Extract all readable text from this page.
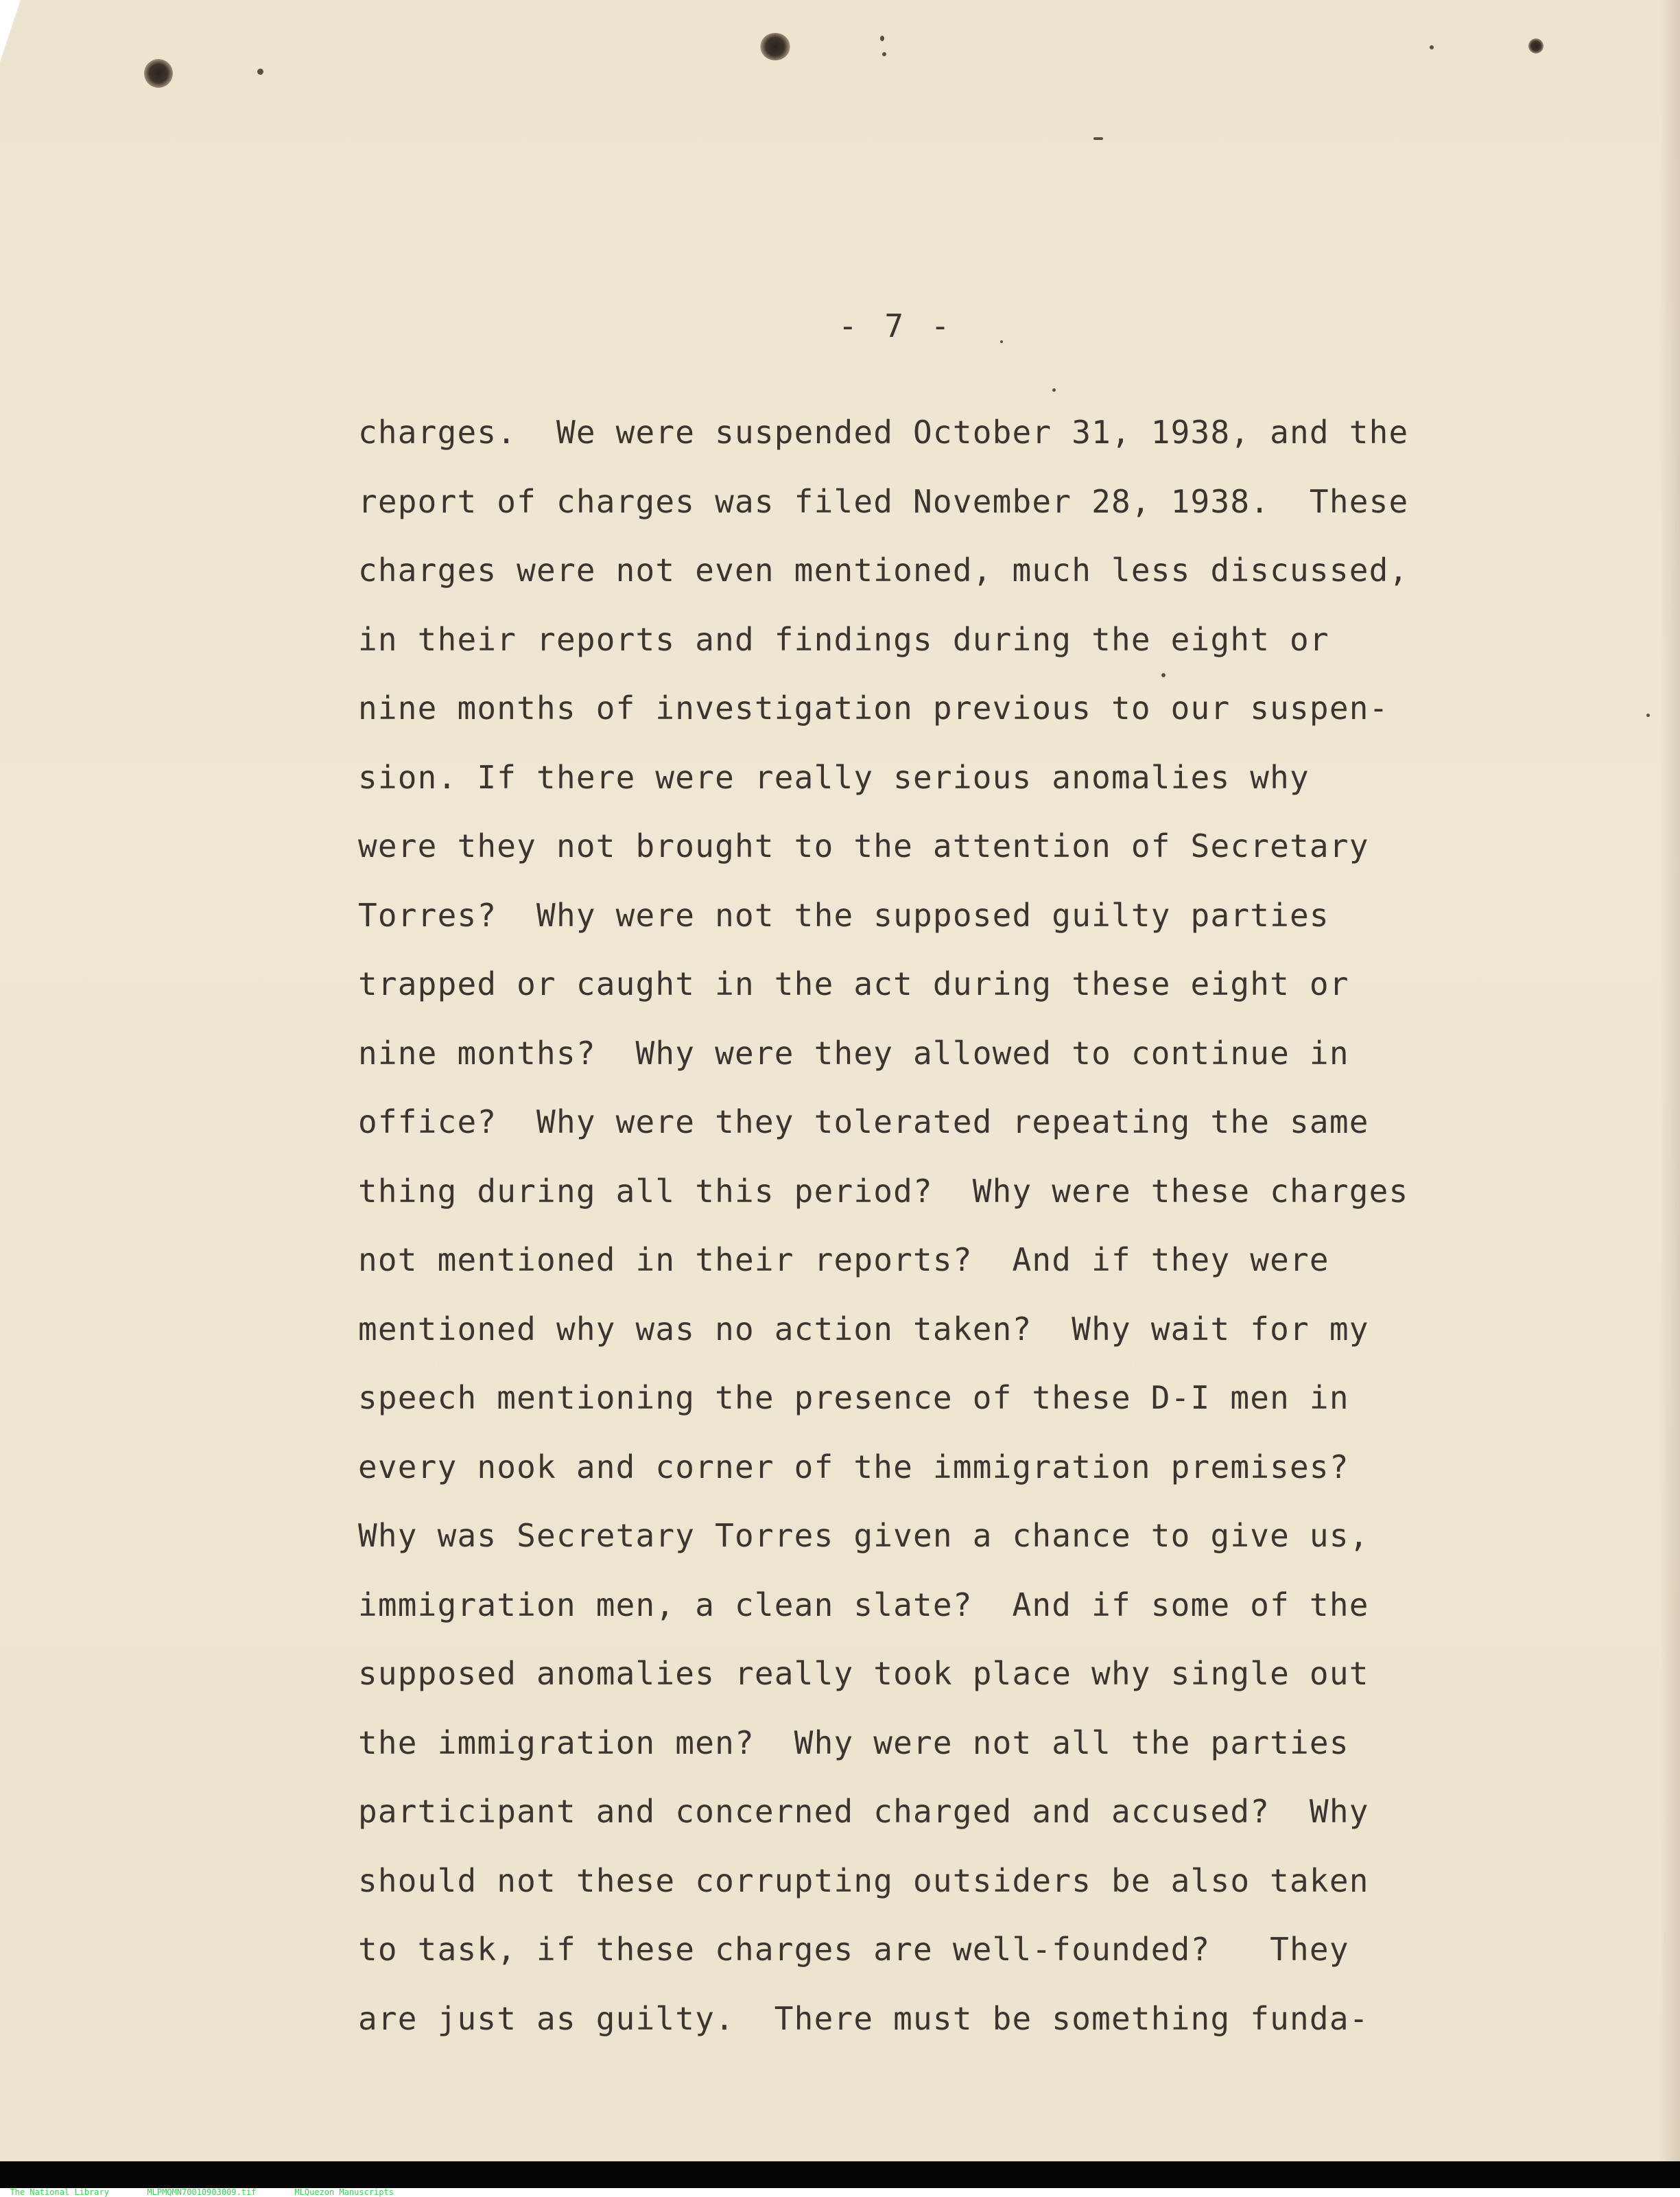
- 7 -
charges.  We were suspended October 31, 1938, and the
report of charges was filed November 28, 1938.  These
charges were not even mentioned, much less discussed,
in their reports and findings during the eight or
nine months of investigation previous to our suspen-
sion. If there were really serious anomalies why
were they not brought to the attention of Secretary
Torres?  Why were not the supposed guilty parties
trapped or caught in the act during these eight or
nine months?  Why were they allowed to continue in
office?  Why were they tolerated repeating the same
thing during all this period?  Why were these charges
not mentioned in their reports?  And if they were
mentioned why was no action taken?  Why wait for my
speech mentioning the presence of these D-I men in
every nook and corner of the immigration premises?
Why was Secretary Torres given a chance to give us,
immigration men, a clean slate?  And if some of the
supposed anomalies really took place why single out
the immigration men?  Why were not all the parties
participant and concerned charged and accused?  Why
should not these corrupting outsiders be also taken
to task, if these charges are well-founded?   They
are just as guilty.  There must be something funda-

The National Library	MLPMQMN70010903009.tif	MLQuezon Manuscripts
